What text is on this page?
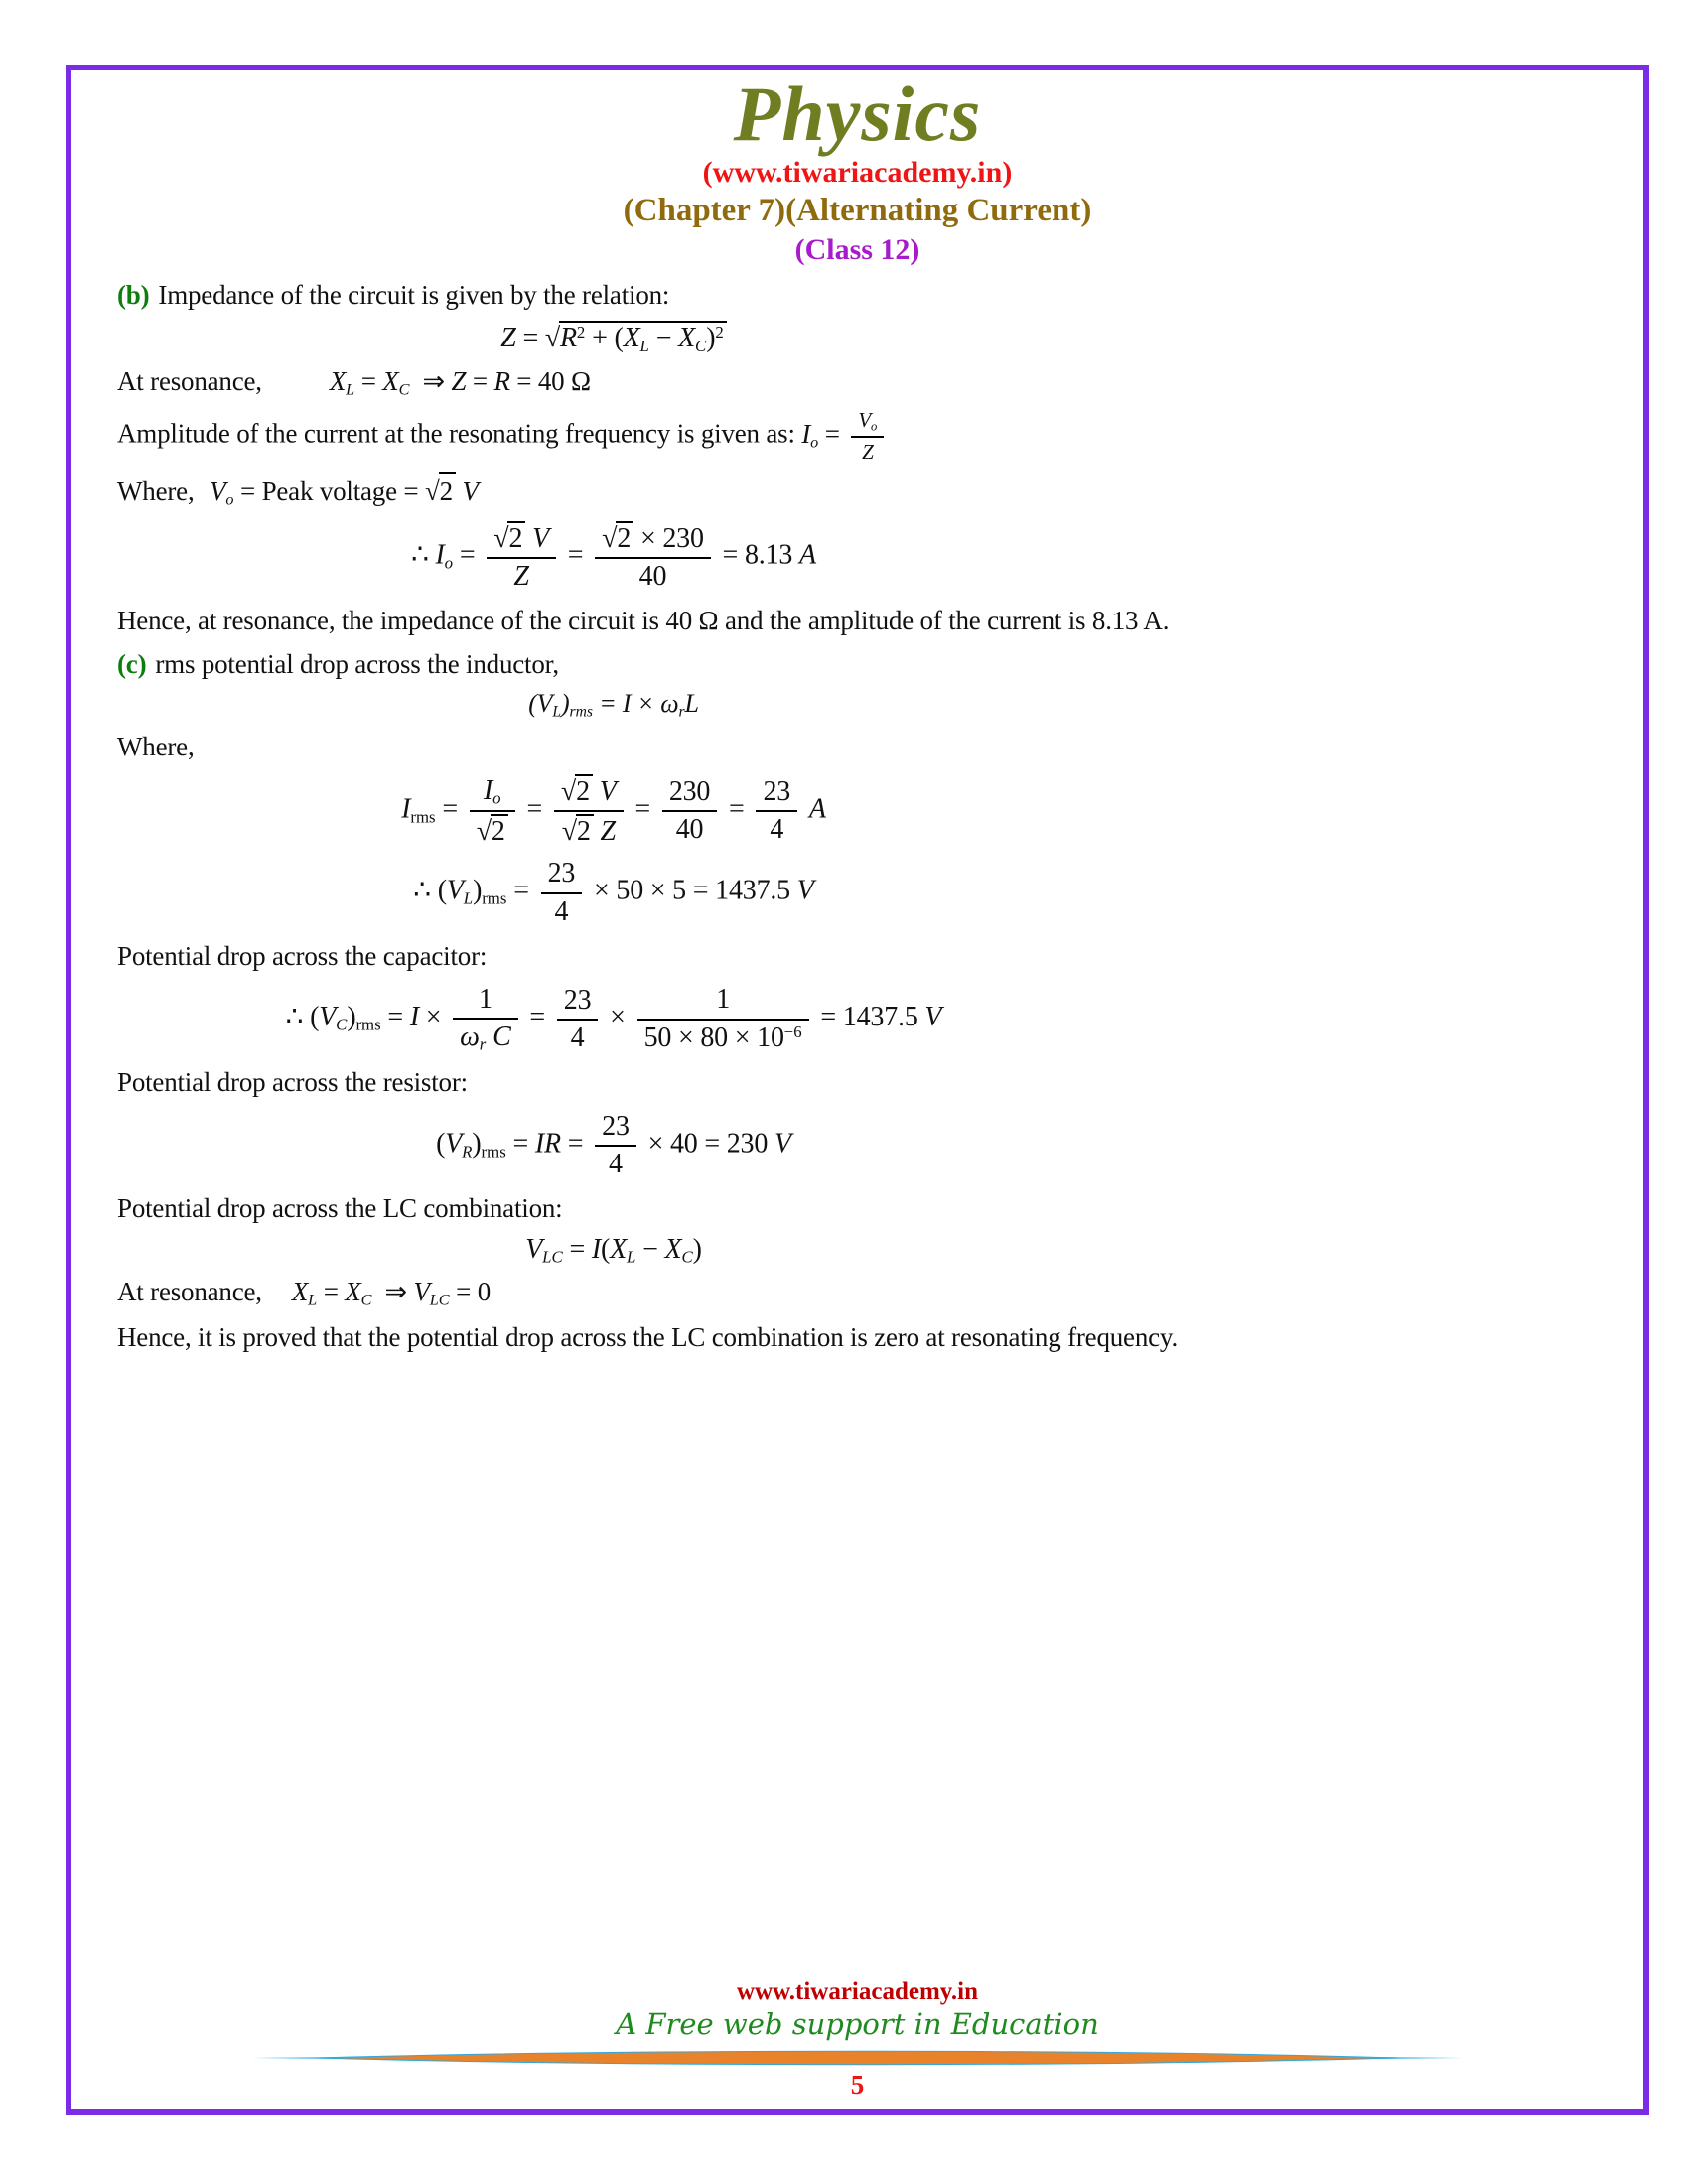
Physics
(www.tiwariacademy.in)
(Chapter 7)(Alternating Current)
(Class 12)

(b) Impedance of the circuit is given by the relation:

$Z = √R^2 + (XL - XC)^2$

At resonance,	XL = XC  ⇒ Z = R = 40 Ω

Amplitude of the current at the resonating frequency is given as: $Io = \frac{Vo}{Z}$

Where, Vo = Peak voltage = √2 V

∴ $Io = \frac{√2 V}{Z} = \frac{√2 \times 230}{40} = 8.13$ A

Hence, at resonance, the impedance of the circuit is 40 Ω and the amplitude of the current is 8.13 A.

(c) rms potential drop across the inductor,

(VL)rms = I × ωrL

Where,

Irms = $\frac{Io}{√2} = \frac{√2 V}{√2 Z} = \frac{230}{40} = \frac{23}{4}$ A
∴ $(VL)rms = \frac{23}{4} \times 50 \times 5 = 1437.5$ V

Potential drop across the capacitor:

∴ $(VC)rms = I \times \frac{1}{\text{ωr C}} = \frac{23}{4} \times \frac{1}{50 \times 80 \times 10^{-6}} = 1437.5$ V

Potential drop across the resistor:

(VR)rms = IR = $\frac{23}{4} \times 40 = 230$ V

Potential drop across the LC combination:

VLC = I(XL − XC)

At resonance, XL = XC  ⇒ VLC = 0

Hence, it is proved that the potential drop across the LC combination is zero at resonating frequency.

www.tiwariacademy.in
A Free web support in Education
5
